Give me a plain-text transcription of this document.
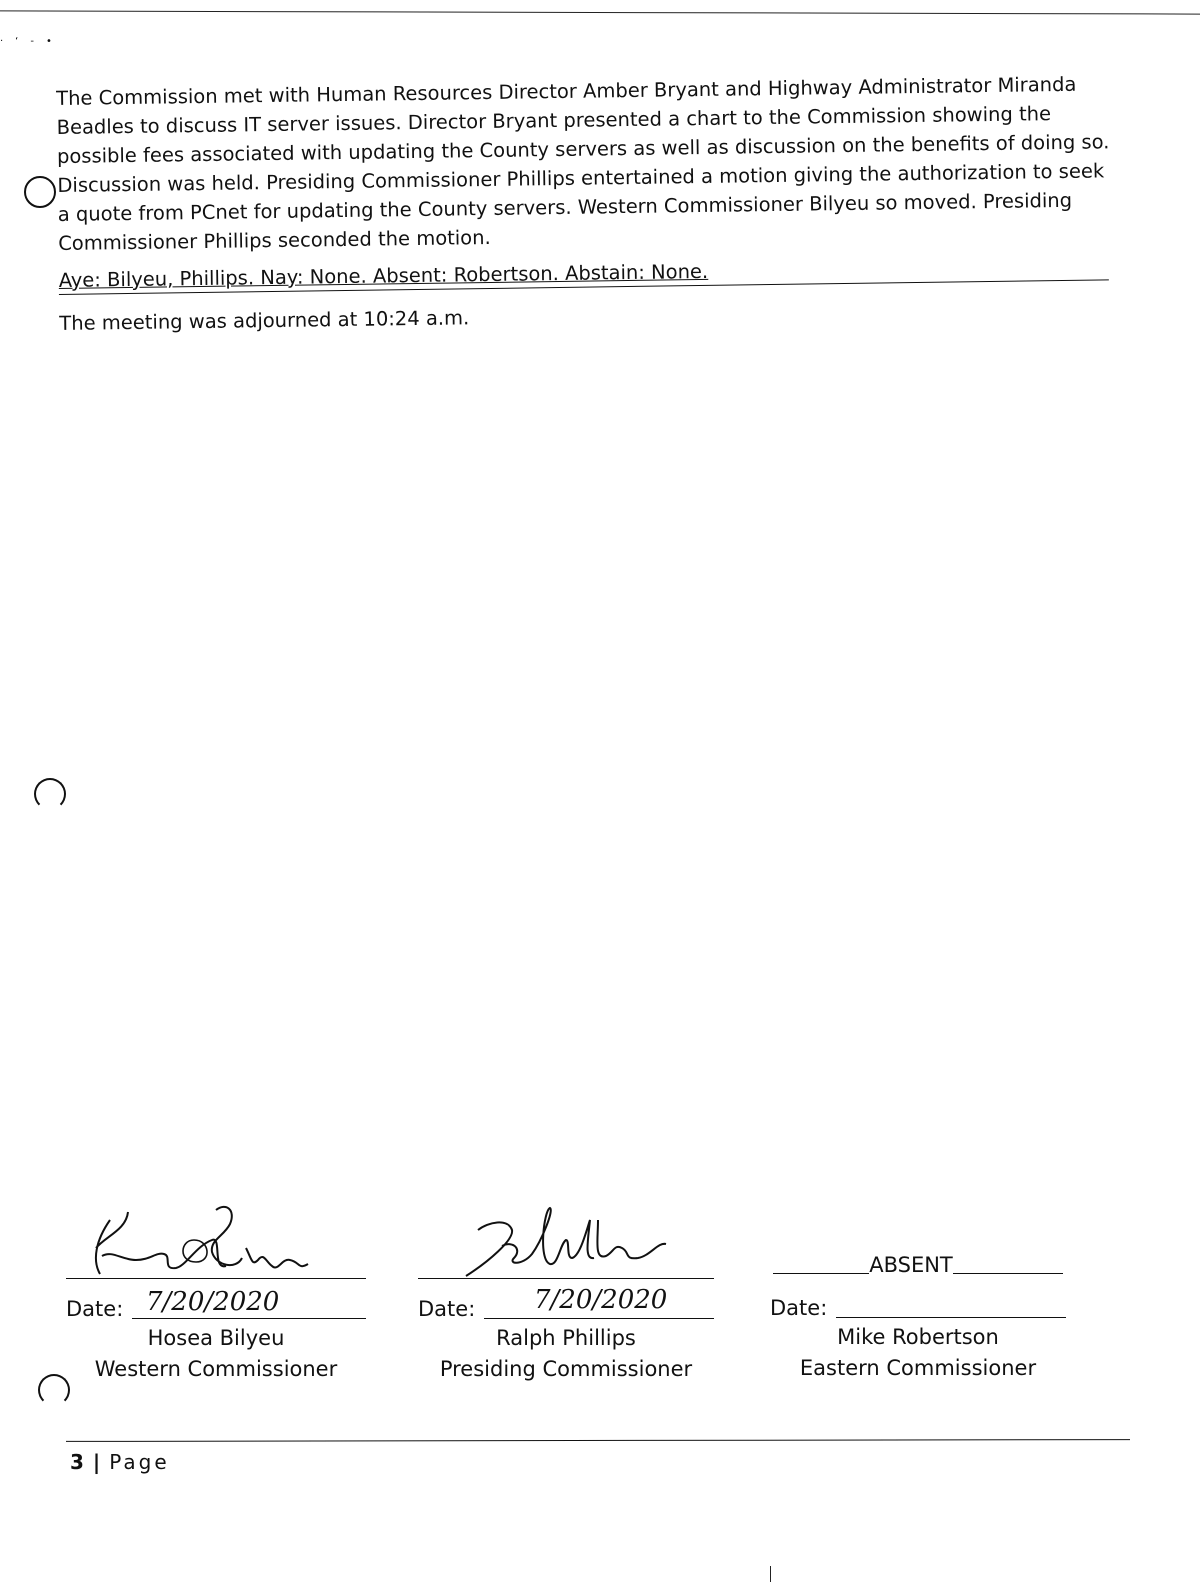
·‘‑•

The Commission met with Human Resources Director Amber Bryant and Highway Administrator Miranda Beadles to discuss IT server issues. Director Bryant presented a chart to the Commission showing the possible fees associated with updating the County servers as well as discussion on the benefits of doing so. Discussion was held. Presiding Commissioner Phillips entertained a motion giving the authorization to seek a quote from PCnet for updating the County servers. Western Commissioner Bilyeu so moved. Presiding Commissioner Phillips seconded the motion.

Aye: Bilyeu, Phillips. Nay: None. Absent: Robertson. Abstain: None.

The meeting was adjourned at 10:24 a.m.

Date: 7/20/2020
Hosea Bilyeu
Western Commissioner
Date: 7/20/2020
Ralph Phillips
Presiding Commissioner
ABSENT
Date:
Mike Robertson
Eastern Commissioner
3 | Page
